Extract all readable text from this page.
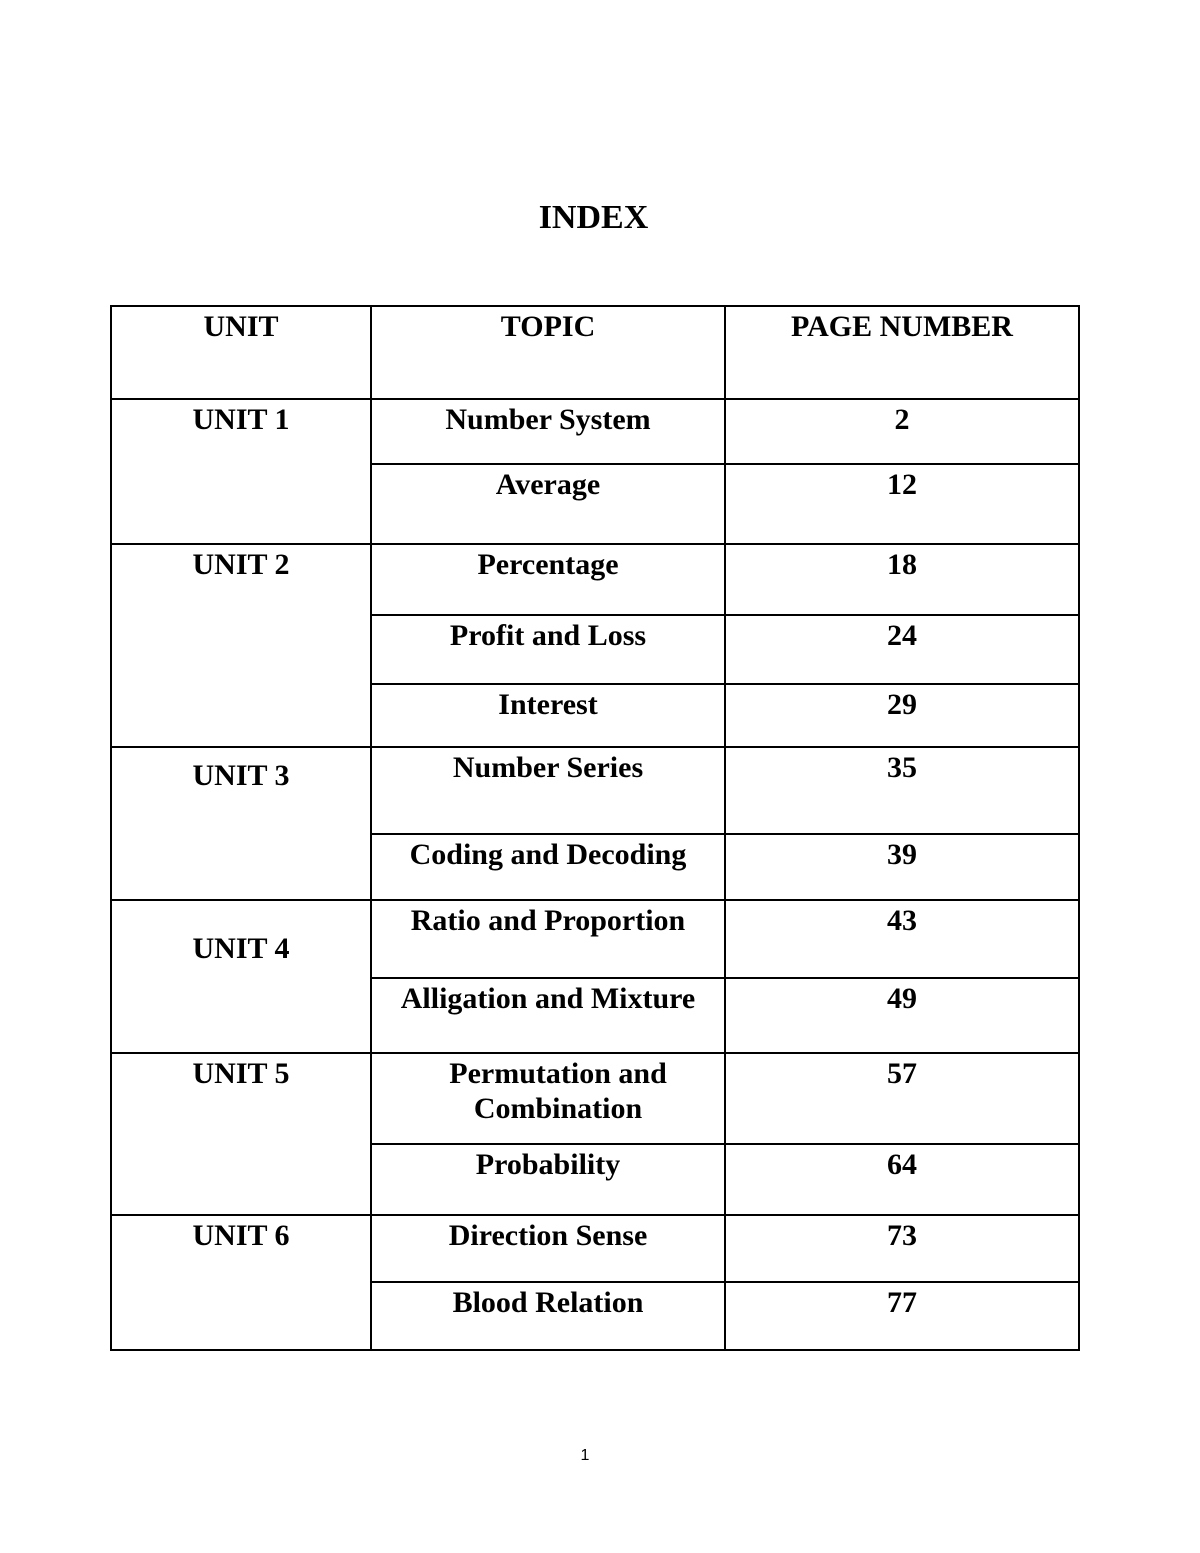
INDEX
UNIT	TOPIC	PAGE NUMBER
UNIT 1	Number System	2
	Average	12
UNIT 2	Percentage	18
	Profit and Loss	24
	Interest	29
UNIT 3	Number Series	35
	Coding and Decoding	39
UNIT 4	Ratio and Proportion	43
	Alligation and Mixture	49
UNIT 5	Permutation and Combination	57
	Probability	64
UNIT 6	Direction Sense	73
	Blood Relation	77
1
